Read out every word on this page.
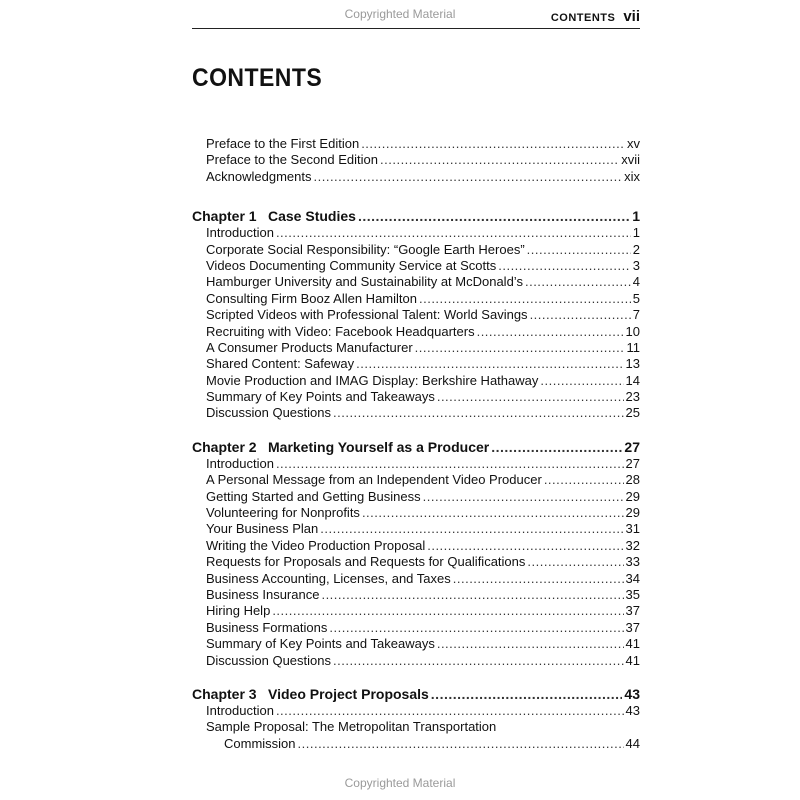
Copyrighted Material	CONTENTS vii
CONTENTS
Preface to the First Edition .....	xv
Preface to the Second Edition .....	xvii
Acknowledgments .....	xix
Chapter 1 Case Studies .....	1
Introduction .....	1
Corporate Social Responsibility: “Google Earth Heroes” .....	2
Videos Documenting Community Service at Scotts .....	3
Hamburger University and Sustainability at McDonald’s .....	4
Consulting Firm Booz Allen Hamilton .....	5
Scripted Videos with Professional Talent: World Savings .....	7
Recruiting with Video: Facebook Headquarters .....	10
A Consumer Products Manufacturer .....	11
Shared Content: Safeway .....	13
Movie Production and IMAG Display: Berkshire Hathaway .....	14
Summary of Key Points and Takeaways .....	23
Discussion Questions .....	25
Chapter 2 Marketing Yourself as a Producer .....	27
Introduction .....	27
A Personal Message from an Independent Video Producer .....	28
Getting Started and Getting Business .....	29
Volunteering for Nonprofits .....	29
Your Business Plan .....	31
Writing the Video Production Proposal .....	32
Requests for Proposals and Requests for Qualifications .....	33
Business Accounting, Licenses, and Taxes .....	34
Business Insurance .....	35
Hiring Help .....	37
Business Formations .....	37
Summary of Key Points and Takeaways .....	41
Discussion Questions .....	41
Chapter 3 Video Project Proposals .....	43
Introduction .....	43
Sample Proposal: The Metropolitan Transportation
Commission .....	44
Copyrighted Material
